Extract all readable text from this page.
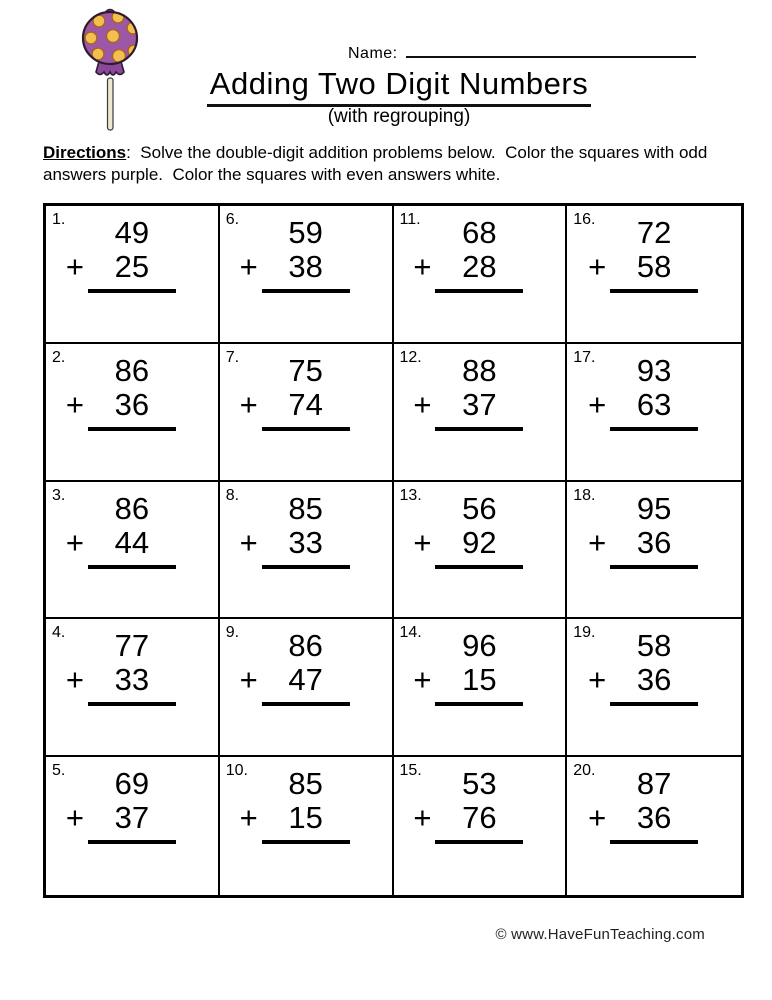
Name:
Adding Two Digit Numbers
(with regrouping)

Directions:  Solve the double-digit addition problems below.  Color the squares with odd answers purple.  Color the squares with even answers white.

1.	49
+ 25
6.	59
+ 38
11.	68
+ 28
16.	72
+ 58
2.	86
+ 36
7.	75
+ 74
12.	88
+ 37
17.	93
+ 63
3.	86
+ 44
8.	85
+ 33
13.	56
+ 92
18.	95
+ 36
4.	77
+ 33
9.	86
+ 47
14.	96
+ 15
19.	58
+ 36
5.	69
+ 37
10.	85
+ 15
15.	53
+ 76
20.	87
+ 36
© www.HaveFunTeaching.com
